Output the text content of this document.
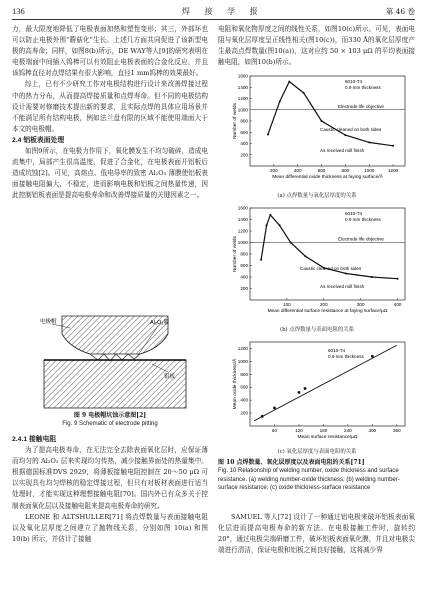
136	焊 接 学 报	第 46 卷

力，最大限度地降低了电极表面加热和塑性变形；其三，外部环也可以防止电极外围"蘑菇化"生长。上述几方面共同促进了该新型电极的高寿命；同样，如图8(b)所示，DE WAY等人[9]的研究表明在电极端面中间插入钨棒可以有效阻止电极表面的合金化反应，并且该钨棒直径对点焊结果有很大影响，直径1 mm钨棒的效果最好。

综上，已有不少研究工作对电极结构进行设计来改善焊接过程中的热力分布，从而提高焊接质量和点焊寿命。但不同的电极结构设计需要对修磨技术提出新的要求，且实际点焊的具体应用场景并不能满足所有结构电极，例如法兰盘有限的区域不能使用端面大于本文的电极帽。

2.4 铝板表面处理

如图9所示，在电极力作用下，氧化膜发生不均匀破碎，造成电流集中，局部产生很高温度，促进了合金化，在电极表面开铝板后造成坑蚀[2]。可见，高熔点、低电导率的致密 Al₂O₃ 薄膜使铝板表面接触电阻偏大，不稳定，进而影响电极和铝板之间热量传递，因此控制铝板表面是提高电极寿命和改善焊接质量的关键因素之一。

电极帽	Al₂O₃膜
铝板
图 9 电极帽坑蚀示意图[2]
Fig. 9 Schematic of electrode pitting

2.4.1 接触电阻

为了提高电极寿命，在无法完全去除表面氧化层时，应保证薄而均匀的 Al₂O₃ 层来实现均匀传热，减少接触界面处的热量集中。根据德国标准DVS 2929，将薄板接触电阻控制在 20～50 μΩ 可以实现具有均匀焊核的稳定焊接过程，但只有对板材表面进行适当处理时，才能实现这种理想接触电阻[70]。国内外已有众多关于控制表面氧化层以及接触电阻来提高电极寿命的研究。

LEONE 和 ALTSHULLER[71] 将点焊数量与表面接触电阻以及氧化层厚度之间建立了抛物线关系，分别如图 10(a) 和图 10(b) 所示，并估计了接触

电阻和氧化物厚度之间的线性关系，如图10(c)所示。可见，表面电阻与氧化层厚度呈正线性相关(图10(c))，而330 Å的氧化层厚度产生最高点焊数量(图10(a))，这对应约 50 × 103 μΩ 的平均表面接触电阻，如图10(b)所示。

200	400	600	800	1000	1200
200
400
600
800
1000
1200
1400
1600
Mean differential oxide thickness at faying surface/Å
Number of welds
6010-T4
0.9 mm thickness
Electrode life objective
Caustic cleaned on both sides
As received mill finish
(a) 点焊数量与氧化层厚度的关系
100	200	300	400
200
400
600
800
1000
1200
1400
1600
Mean differential surface resistance at faying surface/μΩ
Number of welds
6010-T4
0.9 mm thickness
Electrode life objective
Caustic cleaned on both sides
As received mill finish
(b) 点焊数量与表面电阻的关系
60	120	180	240	300	360
200
400
600
800
1000
1200
Mean surface resistance/μΩ
Mean oxide thickness/Å
6010-T4
0.9 mm thickness
(c) 氧化层厚度与表面电阻的关系
图 10 点焊数量、氧化层厚度以及表面电阻的关系[71]
Fig. 10 Relationship of welding number, oxide thickness and surface resistance. (a) welding number-oxide thickness; (b) welding number-surface resistance; (c) oxide thickness-surface resistance

SAMUEL 等人[72] 设计了一种通过铝电极来破坏铝板表面氧化层进而提高电极寿命的新方法。在电极接触工件时，旋转约 20°，通过电极尖端研磨工件，破坏铝板表面氧化膜，并且对电极尖端进行清洁，保证电极和铝板之间良好接触，这将减少界
